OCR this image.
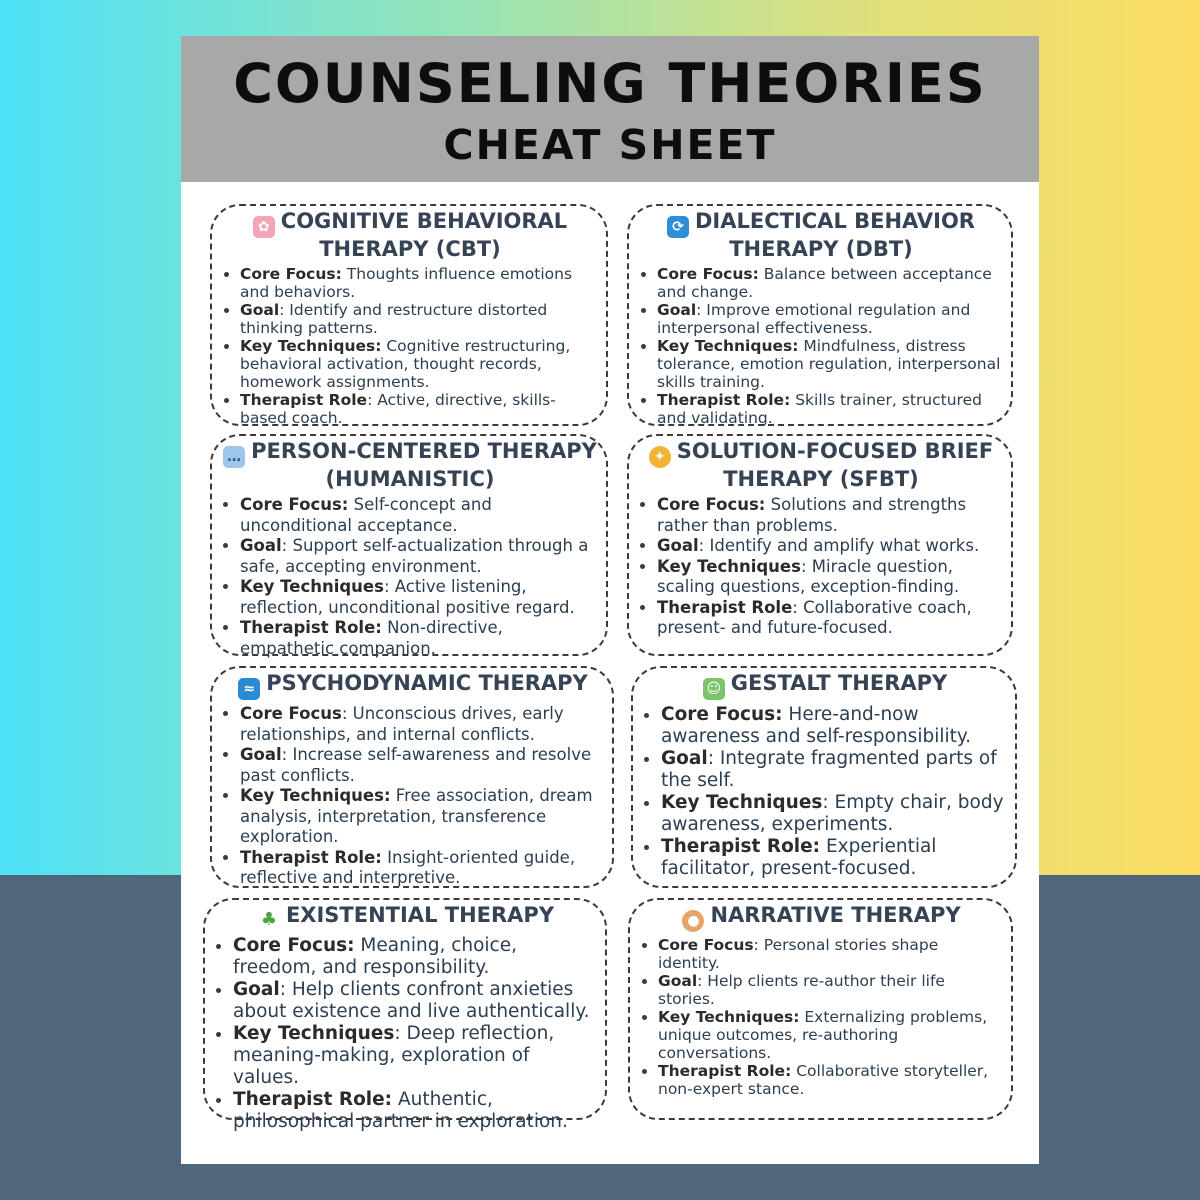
COUNSELING THEORIES
CHEAT SHEET
✿ COGNITIVE BEHAVIORAL THERAPY (CBT)
• Core Focus: Thoughts influence emotions and behaviors.
• Goal: Identify and restructure distorted thinking patterns.
• Key Techniques: Cognitive restructuring, behavioral activation, thought records, homework assignments.
• Therapist Role: Active, directive, skills-based coach.
⟳ DIALECTICAL BEHAVIOR THERAPY (DBT)
• Core Focus: Balance between acceptance and change.
• Goal: Improve emotional regulation and interpersonal effectiveness.
• Key Techniques: Mindfulness, distress tolerance, emotion regulation, interpersonal skills training.
• Therapist Role: Skills trainer, structured and validating.
… PERSON-CENTERED THERAPY (HUMANISTIC)
• Core Focus: Self-concept and unconditional acceptance.
• Goal: Support self-actualization through a safe, accepting environment.
• Key Techniques: Active listening, reflection, unconditional positive regard.
• Therapist Role: Non-directive, empathetic companion.
✦ SOLUTION-FOCUSED BRIEF THERAPY (SFBT)
• Core Focus: Solutions and strengths rather than problems.
• Goal: Identify and amplify what works.
• Key Techniques: Miracle question, scaling questions, exception-finding.
• Therapist Role: Collaborative coach, present- and future-focused.
≈ PSYCHODYNAMIC THERAPY
• Core Focus: Unconscious drives, early relationships, and internal conflicts.
• Goal: Increase self-awareness and resolve past conflicts.
• Key Techniques: Free association, dream analysis, interpretation, transference exploration.
• Therapist Role: Insight-oriented guide, reflective and interpretive.
☺ GESTALT THERAPY
• Core Focus: Here-and-now awareness and self-responsibility.
• Goal: Integrate fragmented parts of the self.
• Key Techniques: Empty chair, body awareness, experiments.
• Therapist Role: Experiential facilitator, present-focused.
♣ EXISTENTIAL THERAPY
• Core Focus: Meaning, choice, freedom, and responsibility.
• Goal: Help clients confront anxieties about existence and live authentically.
• Key Techniques: Deep reflection, meaning-making, exploration of values.
• Therapist Role: Authentic, philosophical partner in exploration.
● NARRATIVE THERAPY
• Core Focus: Personal stories shape identity.
• Goal: Help clients re-author their life stories.
• Key Techniques: Externalizing problems, unique outcomes, re-authoring conversations.
• Therapist Role: Collaborative storyteller, non-expert stance.
